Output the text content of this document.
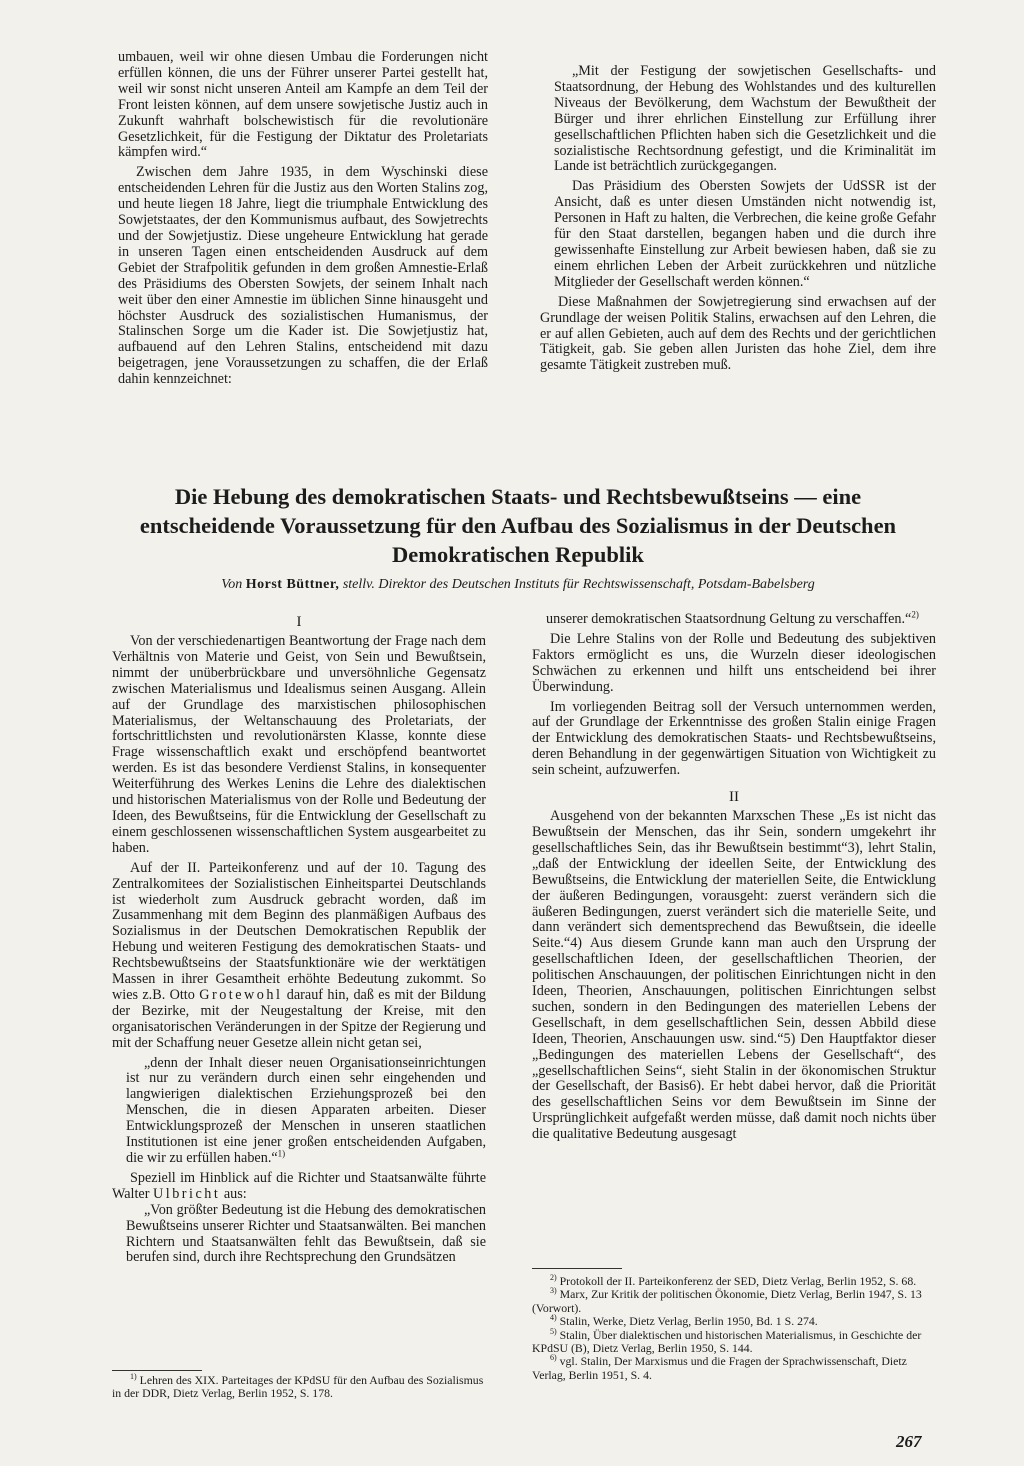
umbauen, weil wir ohne diesen Umbau die Forderungen nicht erfüllen können, die uns der Führer unserer Partei gestellt hat, weil wir sonst nicht unseren Anteil am Kampfe an dem Teil der Front leisten können, auf dem unsere sowjetische Justiz auch in Zukunft wahrhaft bolschewistisch für die revolutionäre Gesetzlichkeit, für die Festigung der Diktatur des Proletariats kämpfen wird.“

Zwischen dem Jahre 1935, in dem Wyschinski diese entscheidenden Lehren für die Justiz aus den Worten Stalins zog, und heute liegen 18 Jahre, liegt die triumphale Entwicklung des Sowjetstaates, der den Kommunismus aufbaut, des Sowjetrechts und der Sowjetjustiz. Diese ungeheure Entwicklung hat gerade in unseren Tagen einen entscheidenden Ausdruck auf dem Gebiet der Strafpolitik gefunden in dem großen Amnestie-Erlaß des Präsidiums des Obersten Sowjets, der seinem Inhalt nach weit über den einer Amnestie im üblichen Sinne hinausgeht und höchster Ausdruck des sozialistischen Humanismus, der Stalinschen Sorge um die Kader ist. Die Sowjetjustiz hat, aufbauend auf den Lehren Stalins, entscheidend mit dazu beigetragen, jene Voraussetzungen zu schaffen, die der Erlaß dahin kennzeichnet:

„Mit der Festigung der sowjetischen Gesellschafts- und Staatsordnung, der Hebung des Wohlstandes und des kulturellen Niveaus der Bevölkerung, dem Wachstum der Bewußtheit der Bürger und ihrer ehrlichen Einstellung zur Erfüllung ihrer gesellschaftlichen Pflichten haben sich die Gesetzlichkeit und die sozialistische Rechtsordnung gefestigt, und die Kriminalität im Lande ist beträchtlich zurückgegangen.

Das Präsidium des Obersten Sowjets der UdSSR ist der Ansicht, daß es unter diesen Umständen nicht notwendig ist, Personen in Haft zu halten, die Verbrechen, die keine große Gefahr für den Staat darstellen, begangen haben und die durch ihre gewissenhafte Einstellung zur Arbeit bewiesen haben, daß sie zu einem ehrlichen Leben der Arbeit zurückkehren und nützliche Mitglieder der Gesellschaft werden können.“

Diese Maßnahmen der Sowjetregierung sind erwachsen auf der Grundlage der weisen Politik Stalins, erwachsen auf den Lehren, die er auf allen Gebieten, auch auf dem des Rechts und der gerichtlichen Tätigkeit, gab. Sie geben allen Juristen das hohe Ziel, dem ihre gesamte Tätigkeit zustreben muß.

Die Hebung des demokratischen Staats- und Rechtsbewußtseins — eine entscheidende Voraussetzung für den Aufbau des Sozialismus in der Deutschen Demokratischen Republik
Von Horst Büttner, stellv. Direktor des Deutschen Instituts für Rechtswissenschaft, Potsdam-Babelsberg
I

Von der verschiedenartigen Beantwortung der Frage nach dem Verhältnis von Materie und Geist, von Sein und Bewußtsein, nimmt der unüberbrückbare und unversöhnliche Gegensatz zwischen Materialismus und Idealismus seinen Ausgang. Allein auf der Grundlage des marxistischen philosophischen Materialismus, der Weltanschauung des Proletariats, der fortschrittlichsten und revolutionärsten Klasse, konnte diese Frage wissenschaftlich exakt und erschöpfend beantwortet werden. Es ist das besondere Verdienst Stalins, in konsequenter Weiterführung des Werkes Lenins die Lehre des dialektischen und historischen Materialismus von der Rolle und Bedeutung der Ideen, des Bewußtseins, für die Entwicklung der Gesellschaft zu einem geschlossenen wissenschaftlichen System ausgearbeitet zu haben.

Auf der II. Parteikonferenz und auf der 10. Tagung des Zentralkomitees der Sozialistischen Einheitspartei Deutschlands ist wiederholt zum Ausdruck gebracht worden, daß im Zusammenhang mit dem Beginn des planmäßigen Aufbaus des Sozialismus in der Deutschen Demokratischen Republik der Hebung und weiteren Festigung des demokratischen Staats- und Rechtsbewußtseins der Staatsfunktionäre wie der werktätigen Massen in ihrer Gesamtheit erhöhte Bedeutung zukommt. So wies z.B. Otto Grotewohl darauf hin, daß es mit der Bildung der Bezirke, mit der Neugestaltung der Kreise, mit den organisatorischen Veränderungen in der Spitze der Regierung und mit der Schaffung neuer Gesetze allein nicht getan sei,

„denn der Inhalt dieser neuen Organisationseinrichtungen ist nur zu verändern durch einen sehr eingehenden und langwierigen dialektischen Erziehungsprozeß bei den Menschen, die in diesen Apparaten arbeiten. Dieser Entwicklungsprozeß der Menschen in unseren staatlichen Institutionen ist eine jener großen entscheidenden Aufgaben, die wir zu erfüllen haben.“$^{1)}$

Speziell im Hinblick auf die Richter und Staatsanwälte führte Walter Ulbricht aus:

„Von größter Bedeutung ist die Hebung des demokratischen Bewußtseins unserer Richter und Staatsanwälten. Bei manchen Richtern und Staatsanwälten fehlt das Bewußtsein, daß sie berufen sind, durch ihre Rechtsprechung den Grundsätzen

$^{1)}$ Lehren des XIX. Parteitages der KPdSU für den Aufbau des Sozialismus in der DDR, Dietz Verlag, Berlin 1952, S. 178.

unserer demokratischen Staatsordnung Geltung zu verschaffen.“$^{2)}$

Die Lehre Stalins von der Rolle und Bedeutung des subjektiven Faktors ermöglicht es uns, die Wurzeln dieser ideologischen Schwächen zu erkennen und hilft uns entscheidend bei ihrer Überwindung.

Im vorliegenden Beitrag soll der Versuch unternommen werden, auf der Grundlage der Erkenntnisse des großen Stalin einige Fragen der Entwicklung des demokratischen Staats- und Rechtsbewußtseins, deren Behandlung in der gegenwärtigen Situation von Wichtigkeit zu sein scheint, aufzuwerfen.

II

Ausgehend von der bekannten Marxschen These „Es ist nicht das Bewußtsein der Menschen, das ihr Sein, sondern umgekehrt ihr gesellschaftliches Sein, das ihr Bewußtsein bestimmt“3), lehrt Stalin, „daß der Entwicklung der ideellen Seite, der Entwicklung des Bewußtseins, die Entwicklung der materiellen Seite, die Entwicklung der äußeren Bedingungen, vorausgeht: zuerst verändern sich die äußeren Bedingungen, zuerst verändert sich die materielle Seite, und dann verändert sich dementsprechend das Bewußtsein, die ideelle Seite.“4) Aus diesem Grunde kann man auch den Ursprung der gesellschaftlichen Ideen, der gesellschaftlichen Theorien, der politischen Anschauungen, der politischen Einrichtungen nicht in den Ideen, Theorien, Anschauungen, politischen Einrichtungen selbst suchen, sondern in den Bedingungen des materiellen Lebens der Gesellschaft, in dem gesellschaftlichen Sein, dessen Abbild diese Ideen, Theorien, Anschauungen usw. sind.“5) Den Hauptfaktor dieser „Bedingungen des materiellen Lebens der Gesellschaft“, des „gesellschaftlichen Seins“, sieht Stalin in der ökonomischen Struktur der Gesellschaft, der Basis6). Er hebt dabei hervor, daß die Priorität des gesellschaftlichen Seins vor dem Bewußtsein im Sinne der Ursprünglichkeit aufgefaßt werden müsse, daß damit noch nichts über die qualitative Bedeutung ausgesagt

$^{2)}$ Protokoll der II. Parteikonferenz der SED, Dietz Verlag, Berlin 1952, S. 68.

$^{3)}$ Marx, Zur Kritik der politischen Ökonomie, Dietz Verlag, Berlin 1947, S. 13 (Vorwort).

$^{4)}$ Stalin, Werke, Dietz Verlag, Berlin 1950, Bd. 1 S. 274.

$^{5)}$ Stalin, Über dialektischen und historischen Materialismus, in Geschichte der KPdSU (B), Dietz Verlag, Berlin 1950, S. 144.

$^{6)}$ vgl. Stalin, Der Marxismus und die Fragen der Sprachwissenschaft, Dietz Verlag, Berlin 1951, S. 4.

267
